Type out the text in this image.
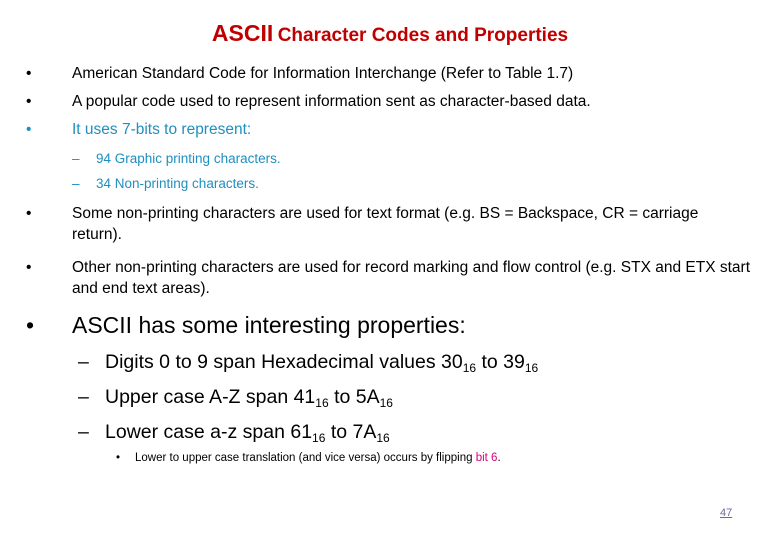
ASCII Character Codes and Properties
•	American Standard Code for Information Interchange (Refer to Table 1.7)
•	A popular code used to represent information sent as character-based data.
•	It uses 7-bits to represent:
– 94 Graphic printing characters.
– 34 Non-printing characters.
•	Some non-printing characters are used for text format (e.g. BS = Backspace, CR = carriage return).
•	Other non-printing characters are used for record marking and flow control (e.g. STX and ETX start and end text areas).
• ASCII has some interesting properties:
– Digits 0 to 9 span Hexadecimal values $30_{16}$ to $39_{16}$
– Upper case A-Z span $41_{16}$ to $5A_{16}$
– Lower case a-z span $61_{16}$ to $7A_{16}$
• Lower to upper case translation (and vice versa) occurs by flipping bit 6.
47
